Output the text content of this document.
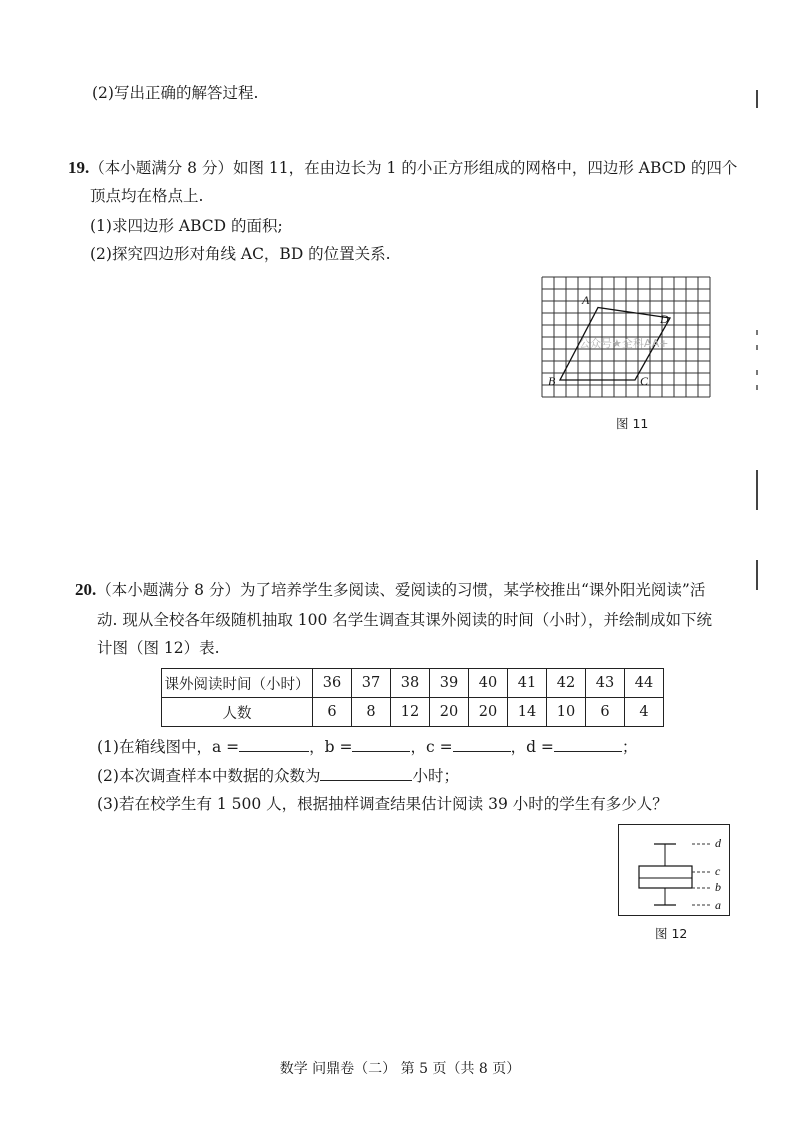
(2)写出正确的解答过程.
19.（本小题满分 8 分）如图 11，在由边长为 1 的小正方形组成的网格中，四边形 ABCD 的四个
顶点均在格点上.
(1)求四边形 ABCD 的面积;
(2)探究四边形对角线 AC，BD 的位置关系.
A
D
B	C
公众号★全科AA+
图 11
20.（本小题满分 8 分）为了培养学生多阅读、爱阅读的习惯，某学校推出“课外阳光阅读”活
动. 现从全校各年级随机抽取 100 名学生调查其课外阅读的时间（小时），并绘制成如下统
计图（图 12）表.
课外阅读时间（小时）	36	37	38	39	40	41	42	43	44
人数	6	8	12	20	20	14	10	6	4
(1)在箱线图中，a =	，b =	，c =	，d =	；
(2)本次调查样本中数据的众数为	小时；
(3)若在校学生有 1 500 人，根据抽样调查结果估计阅读 39 小时的学生有多少人？
d
c
b
a
图 12
数学 问鼎卷（二） 第 5 页（共 8 页）
